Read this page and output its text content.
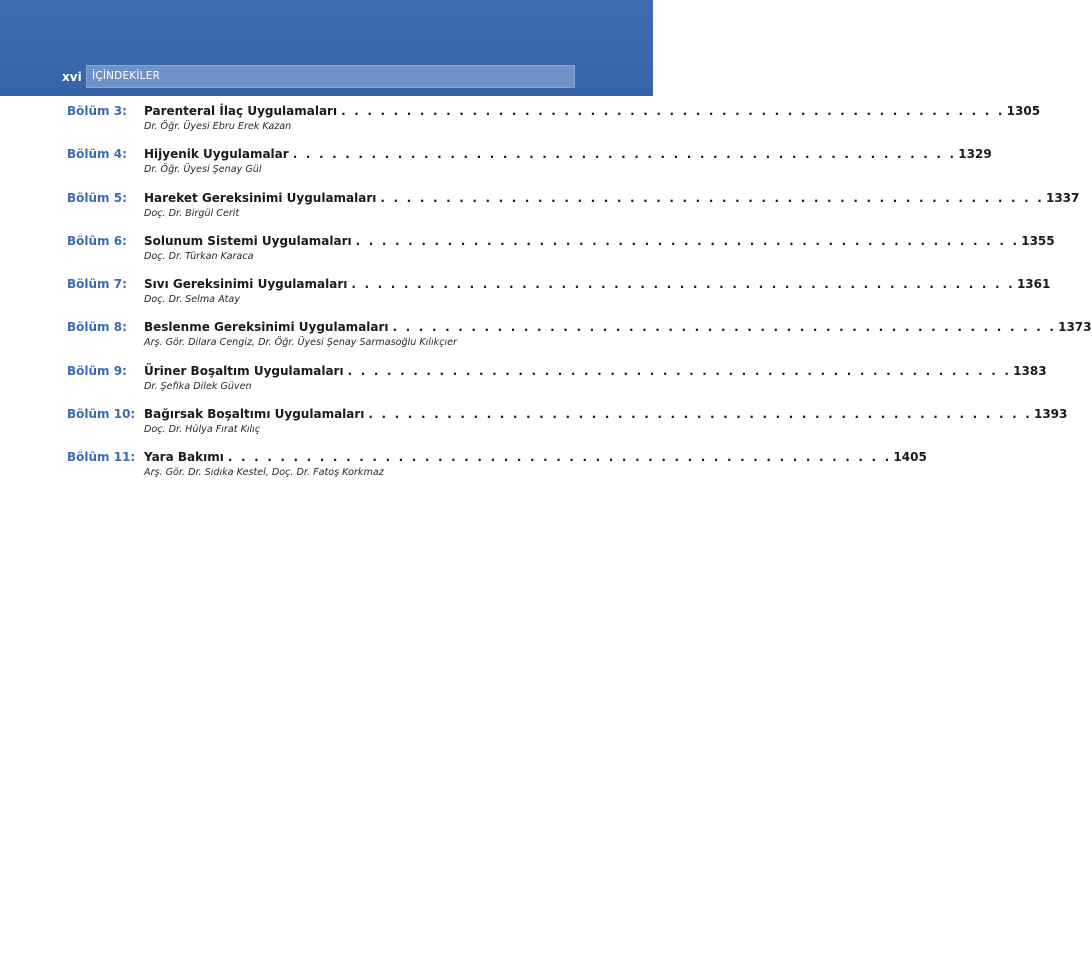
xvi İÇİNDEKİLER
Bölüm 3: Parenteral İlaç Uygulamaları . . . . . . . . . . . . . . . . . . . . . . . . . . . . . . . . . . . . . . . . . . . . . . . . . . . 1305
Dr. Öğr. Üyesi Ebru Erek Kazan
Bölüm 4: Hijyenik Uygulamalar . . . . . . . . . . . . . . . . . . . . . . . . . . . . . . . . . . . . . . . . . . . . . . . . . . . 1329
Dr. Öğr. Üyesi Şenay Gül
Bölüm 5: Hareket Gereksinimi Uygulamaları . . . . . . . . . . . . . . . . . . . . . . . . . . . . . . . . . . . . . . . . . . . . . . . . . . . 1337
Doç. Dr. Birgül Cerit
Bölüm 6: Solunum Sistemi Uygulamaları . . . . . . . . . . . . . . . . . . . . . . . . . . . . . . . . . . . . . . . . . . . . . . . . . . . 1355
Doç. Dr. Türkan Karaca
Bölüm 7: Sıvı Gereksinimi Uygulamaları . . . . . . . . . . . . . . . . . . . . . . . . . . . . . . . . . . . . . . . . . . . . . . . . . . . 1361
Doç. Dr. Selma Atay
Bölüm 8: Beslenme Gereksinimi Uygulamaları . . . . . . . . . . . . . . . . . . . . . . . . . . . . . . . . . . . . . . . . . . . . . . . . . . . 1373
Arş. Gör. Dilara Cengiz, Dr. Öğr. Üyesi Şenay Sarmasoğlu Kılıkçıer
Bölüm 9: Üriner Boşaltım Uygulamaları . . . . . . . . . . . . . . . . . . . . . . . . . . . . . . . . . . . . . . . . . . . . . . . . . . . 1383
Dr. Şefika Dilek Güven
Bölüm 10: Bağırsak Boşaltımı Uygulamaları . . . . . . . . . . . . . . . . . . . . . . . . . . . . . . . . . . . . . . . . . . . . . . . . . . . 1393
Doç. Dr. Hülya Fırat Kılıç
Bölüm 11: Yara Bakımı . . . . . . . . . . . . . . . . . . . . . . . . . . . . . . . . . . . . . . . . . . . . . . . . . . . 1405
Arş. Gör. Dr. Sıdıka Kestel, Doç. Dr. Fatoş Korkmaz
